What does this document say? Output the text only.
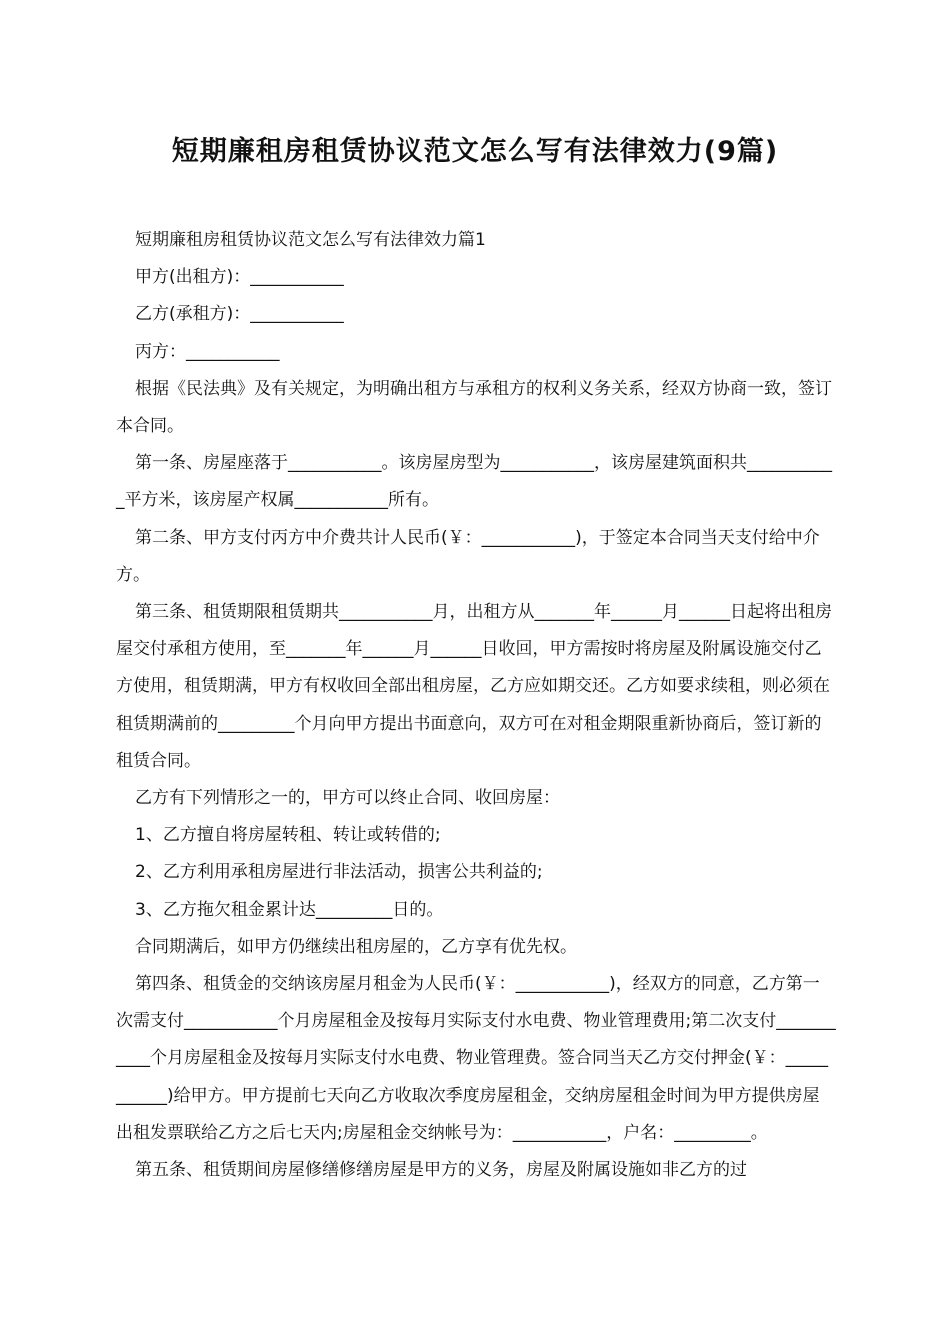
短期廉租房租赁协议范文怎么写有法律效力(9篇)

短期廉租房租赁协议范文怎么写有法律效力篇1

甲方(出租方)：___________

乙方(承租方)：___________

丙方：___________

根据《民法典》及有关规定，为明确出租方与承租方的权利义务关系，经双方协商一致，签订本合同。

第一条、房屋座落于___________。该房屋房型为___________，该房屋建筑面积共___________平方米，该房屋产权属___________所有。

第二条、甲方支付丙方中介费共计人民币(￥：___________)，于签定本合同当天支付给中介方。

第三条、租赁期限租赁期共___________月，出租方从_______年______月______日起将出租房屋交付承租方使用，至_______年______月______日收回，甲方需按时将房屋及附属设施交付乙方使用，租赁期满，甲方有权收回全部出租房屋，乙方应如期交还。乙方如要求续租，则必须在租赁期满前的_________个月向甲方提出书面意向，双方可在对租金期限重新协商后，签订新的租赁合同。

乙方有下列情形之一的，甲方可以终止合同、收回房屋：

1、乙方擅自将房屋转租、转让或转借的;

2、乙方利用承租房屋进行非法活动，损害公共利益的;

3、乙方拖欠租金累计达_________日的。

合同期满后，如甲方仍继续出租房屋的，乙方享有优先权。

第四条、租赁金的交纳该房屋月租金为人民币(￥：___________)，经双方的同意，乙方第一次需支付___________个月房屋租金及按每月实际支付水电费、物业管理费用;第二次支付___________个月房屋租金及按每月实际支付水电费、物业管理费。签合同当天乙方交付押金(￥：___________)给甲方。甲方提前七天向乙方收取次季度房屋租金，交纳房屋租金时间为甲方提供房屋出租发票联给乙方之后七天内;房屋租金交纳帐号为：___________，户名：_________。

第五条、租赁期间房屋修缮修缮房屋是甲方的义务，房屋及附属设施如非乙方的过
